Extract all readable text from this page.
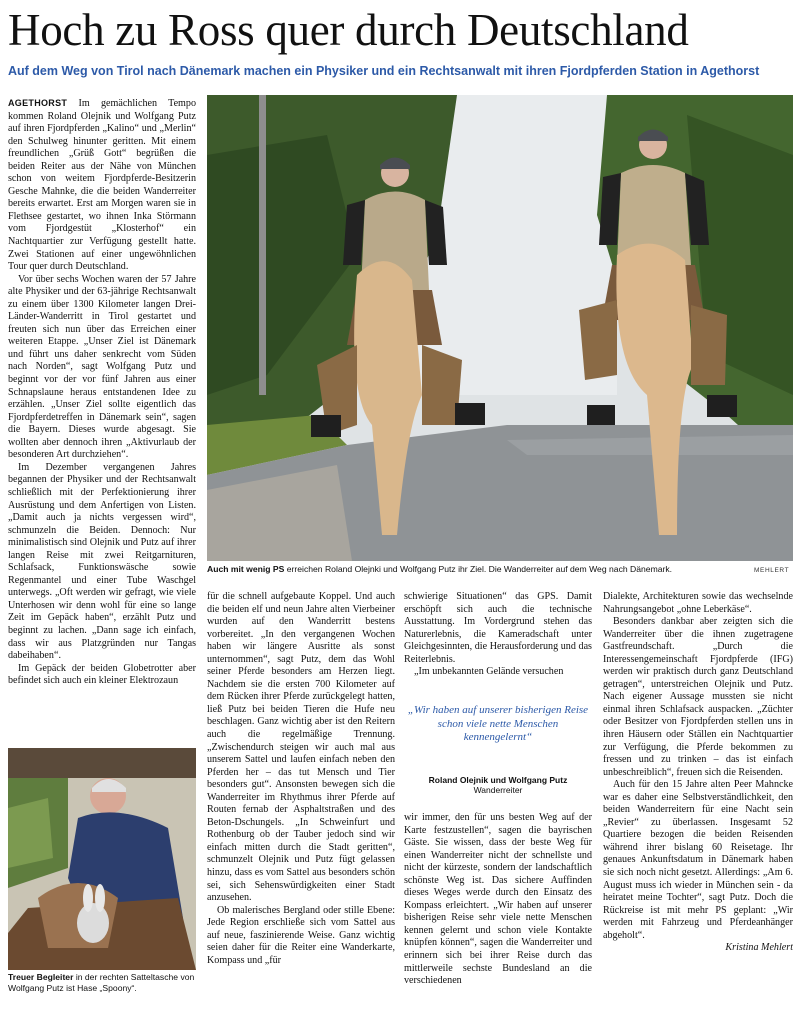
Hoch zu Ross quer durch Deutschland
Auf dem Weg von Tirol nach Dänemark machen ein Physiker und ein Rechtsanwalt mit ihren Fjordpferden Station in Agethorst

AGETHORST Im gemächlichen Tempo kommen Roland Olejnik und Wolfgang Putz auf ihren Fjordpferden „Kalino“ und „Merlin“ den Schulweg hinunter geritten. Mit einem freundlichen „Grüß Gott“ begrüßen die beiden Reiter aus der Nähe von München schon von weitem Fjordpferde-Besitzerin Gesche Mahnke, die die beiden Wanderreiter bereits erwartet. Erst am Morgen waren sie in Flethsee gestartet, wo ihnen Inka Störmann vom Fjordgestüt „Klosterhof“ ein Nachtquartier zur Verfügung gestellt hatte. Zwei Stationen auf einer ungewöhnlichen Tour quer durch Deutschland.

Vor über sechs Wochen waren der 57 Jahre alte Physiker und der 63-jährige Rechtsanwalt zu einem über 1300 Kilometer langen Drei-Länder-Wanderritt in Tirol gestartet und freuten sich nun über das Erreichen einer weiteren Etappe. „Unser Ziel ist Dänemark und führt uns daher senkrecht vom Süden nach Norden“, sagt Wolfgang Putz und beginnt vor der vor fünf Jahren aus einer Schnapslaune heraus entstandenen Idee zu erzählen. „Unser Ziel sollte eigentlich das Fjordpferdetreffen in Dänemark sein“, sagen die Bayern. Dieses wurde abgesagt. Sie wollten aber dennoch ihren „Aktivurlaub der besonderen Art durchziehen“.

Im Dezember vergangenen Jahres begannen der Physiker und der Rechtsanwalt schließlich mit der Perfektionierung ihrer Ausrüstung und dem Anfertigen von Listen. „Damit auch ja nichts vergessen wird“, schmunzeln die Beiden. Dennoch: Nur minimalistisch sind Olejnik und Putz auf ihrer langen Reise mit zwei Reitgarnituren, Schlafsack, Funktionswäsche sowie Regenmantel und einer Tube Waschgel unterwegs. „Oft werden wir gefragt, wie viele Unterhosen wir denn wohl für eine so lange Zeit im Gepäck haben“, erzählt Putz und beginnt zu lachen. „Dann sage ich einfach, dass wir aus Platzgründen nur Tangas dabeihaben“.

Im Gepäck der beiden Globetrotter aber befindet sich auch ein kleiner Elektrozaun

Auch mit wenig PS erreichen Roland Olejnki und Wolfgang Putz ihr Ziel. Die Wanderreiter auf dem Weg nach Dänemark.	MEHLERT
Treuer Begleiter in der rechten Satteltasche von Wolfgang Putz ist Hase „Spoony“.

für die schnell aufgebaute Koppel. Und auch die beiden elf und neun Jahre alten Vierbeiner wurden auf den Wanderritt bestens vorbereitet. „In den vergangenen Wochen haben wir längere Ausritte als sonst unternommen“, sagt Putz, dem das Wohl seiner Pferde besonders am Herzen liegt. Nachdem sie die ersten 700 Kilometer auf dem Rücken ihrer Pferde zurückgelegt hatten, ließ Putz bei beiden Tieren die Hufe neu beschlagen. Ganz wichtig aber ist den Reitern auch die regelmäßige Trennung. „Zwischendurch steigen wir auch mal aus unserem Sattel und laufen einfach neben den Pferden her – das tut Mensch und Tier besonders gut“. Ansonsten bewegen sich die Wanderreiter im Rhythmus ihrer Pferde auf Routen fernab der Asphaltstraßen und des Beton-Dschungels. „In Schweinfurt und Rothenburg ob der Tauber jedoch sind wir einfach mitten durch die Stadt geritten“, schmunzelt Olejnik und Putz fügt gelassen hinzu, dass es vom Sattel aus besonders schön sei, sich Sehenswürdigkeiten einer Stadt anzusehen.

Ob malerisches Bergland oder stille Ebene: Jede Region erschließe sich vom Sattel aus auf neue, faszinierende Weise. Ganz wichtig seien daher für die Reiter eine Wanderkarte, Kompass und „für

schwierige Situationen“ das GPS. Damit erschöpft sich auch die technische Ausstattung. Im Vordergrund stehen das Naturerlebnis, die Kameradschaft unter Gleichgesinnten, die Herausforderung und das Reiterlebnis.

„Im unbekannten Gelände versuchen

„Wir haben auf unserer bisherigen Reise schon viele nette Menschen kennengelernt“
Roland Olejnik und Wolfgang Putz
Wanderreiter

wir immer, den für uns besten Weg auf der Karte festzustellen“, sagen die bayrischen Gäste. Sie wissen, dass der beste Weg für einen Wanderreiter nicht der schnellste und nicht der kürzeste, sondern der landschaftlich schönste Weg ist. Das sichere Auffinden dieses Weges werde durch den Einsatz des Kompass erleichtert. „Wir haben auf unserer bisherigen Reise sehr viele nette Menschen kennen gelernt und schon viele Kontakte knüpfen können“, sagen die Wanderreiter und erinnern sich bei ihrer Reise durch das mittlerweile sechste Bundesland an die verschiedenen

Dialekte, Architekturen sowie das wechselnde Nahrungsangebot „ohne Leberkäse“.

Besonders dankbar aber zeigten sich die Wanderreiter über die ihnen zugetragene Gastfreundschaft. „Durch die Interessengemeinschaft Fjordpferde (IFG) werden wir praktisch durch ganz Deutschland getragen“, unterstreichen Olejnik und Putz. Nach eigener Aussage mussten sie nicht einmal ihren Schlafsack auspacken. „Züchter oder Besitzer von Fjordpferden stellen uns in ihren Häusern oder Ställen ein Nachtquartier zur Verfügung, die Pferde bekommen zu fressen und zu trinken – das ist einfach unbeschreiblich“, freuen sich die Reisenden.

Auch für den 15 Jahre alten Peer Mahncke war es daher eine Selbstverständlichkeit, den beiden Wanderreitern für eine Nacht sein „Revier“ zu überlassen. Insgesamt 52 Quartiere bezogen die beiden Reisenden während ihrer bislang 60 Reisetage. Ihr genaues Ankunftsdatum in Dänemark haben sie sich noch nicht gesetzt. Allerdings: „Am 6. August muss ich wieder in München sein - da heiratet meine Tochter“, sagt Putz. Doch die Rückreise ist mit mehr PS geplant: „Wir werden mit Fahrzeug und Pferdeanhänger abgeholt“.

Kristina Mehlert
